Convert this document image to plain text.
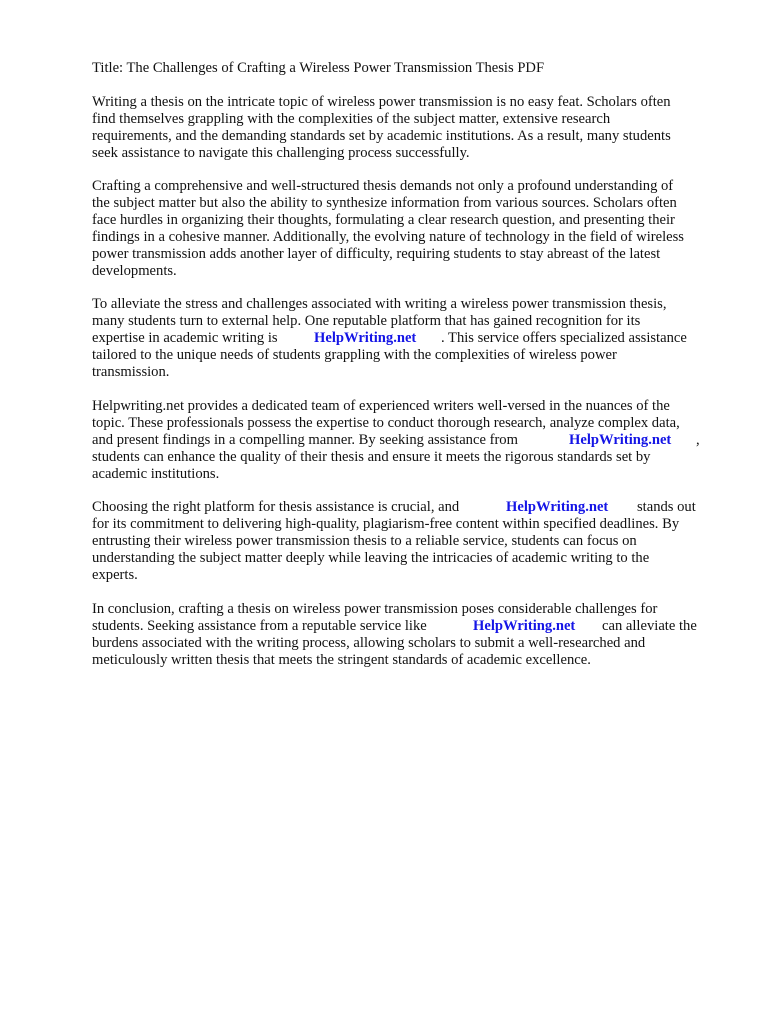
Title: The Challenges of Crafting a Wireless Power Transmission Thesis PDF
Writing a thesis on the intricate topic of wireless power transmission is no easy feat. Scholars often
find themselves grappling with the complexities of the subject matter, extensive research
requirements, and the demanding standards set by academic institutions. As a result, many students
seek assistance to navigate this challenging process successfully.
Crafting a comprehensive and well-structured thesis demands not only a profound understanding of
the subject matter but also the ability to synthesize information from various sources. Scholars often
face hurdles in organizing their thoughts, formulating a clear research question, and presenting their
findings in a cohesive manner. Additionally, the evolving nature of technology in the field of wireless
power transmission adds another layer of difficulty, requiring students to stay abreast of the latest
developments.
To alleviate the stress and challenges associated with writing a wireless power transmission thesis,
many students turn to external help. One reputable platform that has gained recognition for its
expertise in academic writing is HelpWriting.net . This service offers specialized assistance
tailored to the unique needs of students grappling with the complexities of wireless power
transmission.
Helpwriting.net provides a dedicated team of experienced writers well-versed in the nuances of the
topic. These professionals possess the expertise to conduct thorough research, analyze complex data,
and present findings in a compelling manner. By seeking assistance from	HelpWriting.net ,
students can enhance the quality of their thesis and ensure it meets the rigorous standards set by
academic institutions.
Choosing the right platform for thesis assistance is crucial, and	HelpWriting.net stands out
for its commitment to delivering high-quality, plagiarism-free content within specified deadlines. By
entrusting their wireless power transmission thesis to a reliable service, students can focus on
understanding the subject matter deeply while leaving the intricacies of academic writing to the
experts.
In conclusion, crafting a thesis on wireless power transmission poses considerable challenges for
students. Seeking assistance from a reputable service like	HelpWriting.net can alleviate the
burdens associated with the writing process, allowing scholars to submit a well-researched and
meticulously written thesis that meets the stringent standards of academic excellence.
